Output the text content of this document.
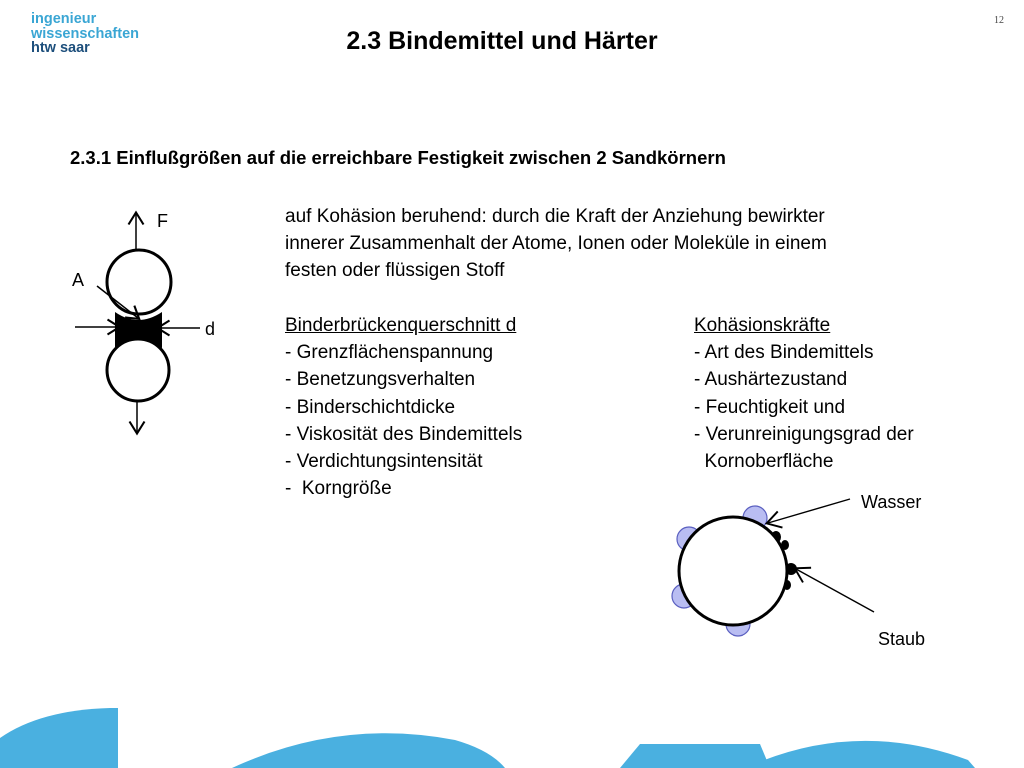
ingenieur
wissenschaften
htw saar
12
2.3 Bindemittel und Härter
2.3.1 Einflußgrößen auf die erreichbare Festigkeit zwischen 2 Sandkörnern
auf Kohäsion beruhend: durch die Kraft der Anziehung bewirkter
innerer Zusammenhalt der Atome, Ionen oder Moleküle in einem
festen oder flüssigen Stoff
Binderbrückenquerschnitt d
- Grenzflächenspannung
- Benetzungsverhalten
- Binderschichtdicke
- Viskosität des Bindemittels
- Verdichtungsintensität
-  Korngröße
Kohäsionskräfte
- Art des Bindemittels
- Aushärtezustand
- Feuchtigkeit und
- Verunreinigungsgrad der
Kornoberfläche
F
A
d
Wasser
Staub
